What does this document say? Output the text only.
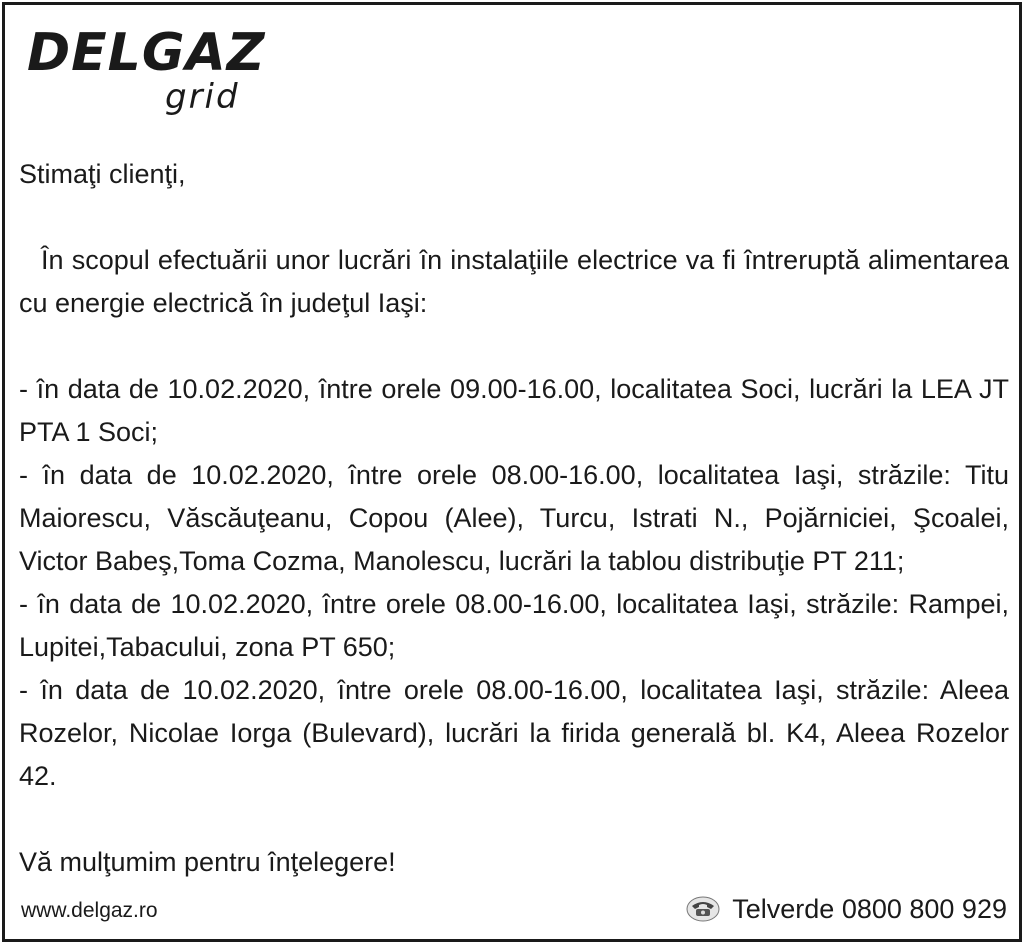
DELGAZ
grid

Stimaţi clienţi,

În scopul efectuării unor lucrări în instalaţiile electrice va fi întreruptă alimentarea cu energie electrică în judeţul Iaşi:

- în data de 10.02.2020, între orele 09.00-16.00, localitatea Soci, lucrări la LEA JT PTA 1 Soci;

- în data de 10.02.2020, între orele 08.00-16.00, localitatea Iaşi, străzile: Titu Maiorescu, Văscăuţeanu, Copou (Alee), Turcu, Istrati N., Pojărniciei, Şcoalei, Victor Babeş,Toma Cozma, Manolescu, lucrări la tablou distribuţie PT 211;

- în data de 10.02.2020, între orele 08.00-16.00, localitatea Iaşi, străzile: Rampei, Lupitei,Tabacului, zona PT 650;

- în data de 10.02.2020, între orele 08.00-16.00, localitatea Iaşi, străzile: Aleea Rozelor, Nicolae Iorga (Bulevard), lucrări la firida generală bl. K4, Aleea Rozelor 42.

Vă mulţumim pentru înţelegere!

www.delgaz.ro	Telverde 0800 800 929
